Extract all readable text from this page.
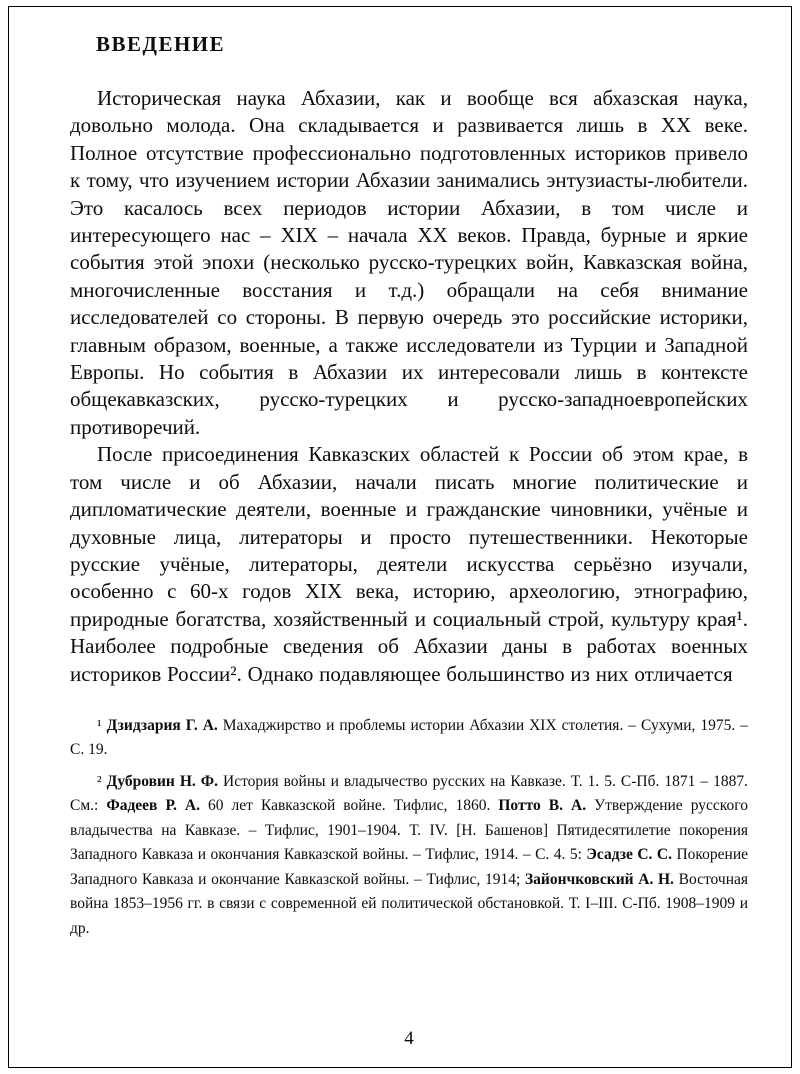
ВВЕДЕНИЕ

Историческая наука Абхазии, как и вообще вся абхазская наука, довольно молода. Она складывается и развивается лишь в XX веке. Полное отсутствие профессионально подготовленных историков привело к тому, что изучением истории Абхазии занимались энтузиасты-любители. Это касалось всех периодов истории Абхазии, в том числе и интересующего нас – XIX – начала XX веков. Правда, бурные и яркие события этой эпохи (несколько русско-турецких войн, Кавказская война, многочисленные восстания и т.д.) обращали на себя внимание исследователей со стороны. В первую очередь это российские историки, главным образом, военные, а также исследователи из Турции и Западной Европы. Но события в Абхазии их интересовали лишь в контексте общекавказских, русско-турецких и русско-западноевропейских противоречий.

После присоединения Кавказских областей к России об этом крае, в том числе и об Абхазии, начали писать многие политические и дипломатические деятели, военные и гражданские чиновники, учёные и духовные лица, литераторы и просто путешественники. Некоторые русские учёные, литераторы, деятели искусства серьёзно изучали, особенно с 60-х годов XIX века, историю, археологию, этнографию, природные богатства, хозяйственный и социальный строй, культуру края¹. Наиболее подробные сведения об Абхазии даны в работах военных историков России². Однако подавляющее большинство из них отличается

¹ Дзидзария Г. А. Махаджирство и проблемы истории Абхазии XIX столетия. – Сухуми, 1975. – С. 19.

² Дубровин Н. Ф. История войны и владычество русских на Кавказе. Т. 1. 5. С-Пб. 1871 – 1887. См.: Фадеев Р. А. 60 лет Кавказской войне. Тифлис, 1860. Потто В. А. Утверждение русского владычества на Кавказе. – Тифлис, 1901–1904. Т. IV. [Н. Башенов] Пятидесятилетие покорения Западного Кавказа и окончания Кавказской войны. – Тифлис, 1914. – С. 4. 5: Эсадзе С. С. Покорение Западного Кавказа и окончание Кавказской войны. – Тифлис, 1914; Зайончковский А. Н. Восточная война 1853–1956 гг. в связи с современной ей политической обстановкой. Т. I–III. С-Пб. 1908–1909 и др.

4
